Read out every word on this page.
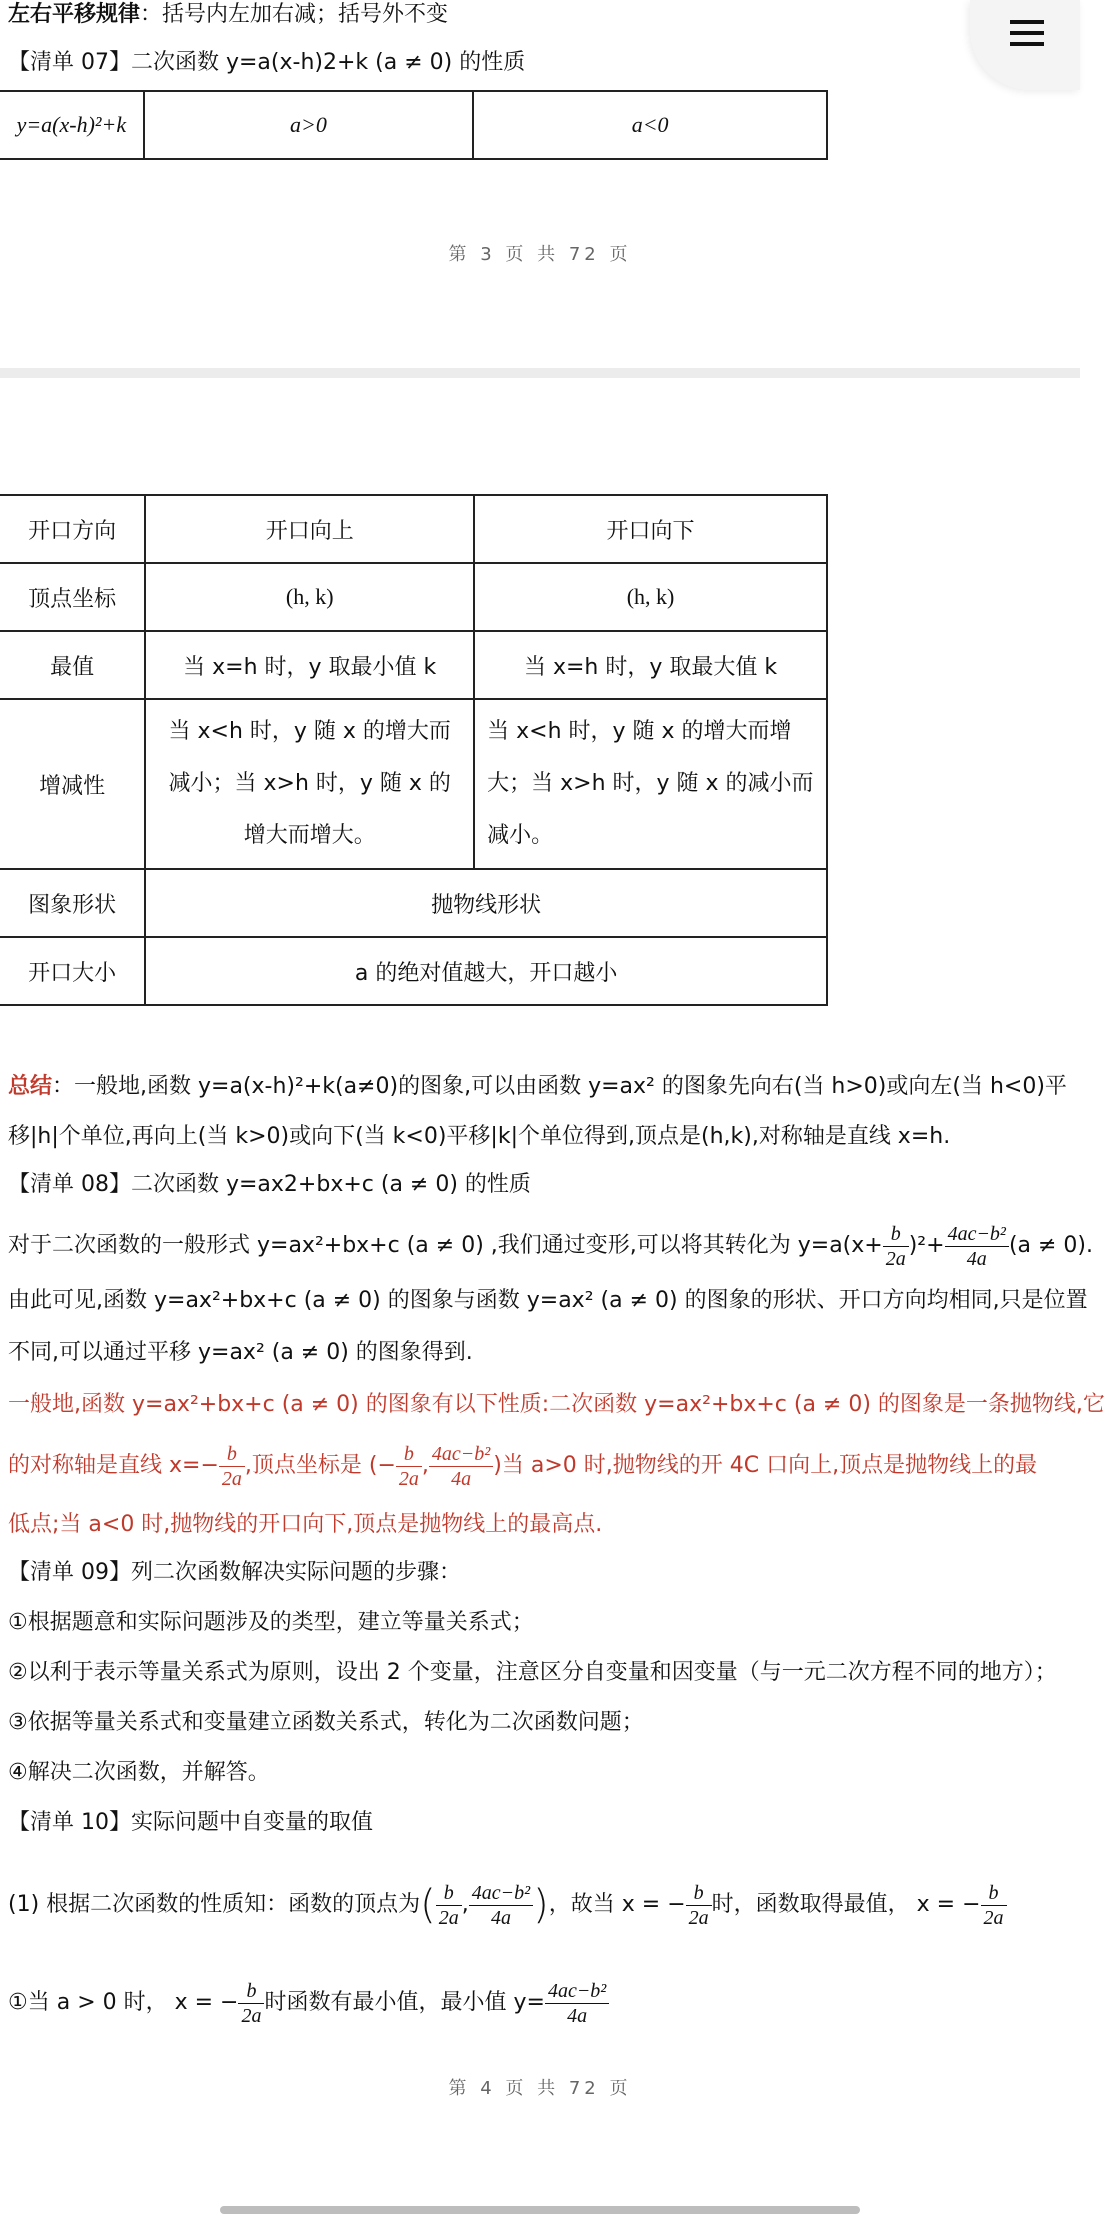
左右平移规律：括号内左加右减；括号外不变
【清单 07】二次函数 y=a(x-h)2+k (a ≠ 0) 的性质
y=a(x-h)²+k	a>0	a<0
第 3 页 共 72 页
开口方向	开口向上	开口向下
顶点坐标	(h, k)	(h, k)
最值	当 x=h 时，y 取最小值 k	当 x=h 时，y 取最大值 k
增减性	当 x<h 时，y 随 x 的增大而减小；当 x>h 时，y 随 x 的增大而增大。	当 x<h 时，y 随 x 的增大而增大；当 x>h 时，y 随 x 的减小而减小。
图象形状	抛物线形状	
开口大小	a 的绝对值越大，开口越小	
总结：一般地,函数 y=a(x-h)²+k(a≠0)的图象,可以由函数 y=ax² 的图象先向右(当 h>0)或向左(当 h<0)平移|h|个单位,再向上(当 k>0)或向下(当 k<0)平移|k|个单位得到,顶点是(h,k),对称轴是直线 x=h.
【清单 08】二次函数 y=ax2+bx+c (a ≠ 0) 的性质
对于二次函数的一般形式 y=ax²+bx+c (a ≠ 0) ,我们通过变形,可以将其转化为 $y=a(x+ \frac{b}{2a} )^2+ \frac{\text{4ac−b²}}{4a} (a \ne 0)$.
由此可见,函数 y=ax²+bx+c (a ≠ 0) 的图象与函数 y=ax² (a ≠ 0) 的图象的形状、开口方向均相同,只是位置
不同,可以通过平移 y=ax² (a ≠ 0) 的图象得到.
一般地,函数 y=ax²+bx+c (a ≠ 0) 的图象有以下性质:二次函数 y=ax²+bx+c (a ≠ 0) 的图象是一条抛物线,它
的对称轴是直线 $x=- \frac{b}{2a}$ ,顶点坐标是 (− $\frac{b}{2a}$ , $\frac{\text{4ac−b²}}{4a}$ )当 a>0 时,抛物线的开 4C 口向上,顶点是抛物线上的最
低点;当 a<0 时,抛物线的开口向下,顶点是抛物线上的最高点.
【清单 09】列二次函数解决实际问题的步骤：
①根据题意和实际问题涉及的类型，建立等量关系式；
②以利于表示等量关系式为原则，设出 2 个变量，注意区分自变量和因变量（与一元二次方程不同的地方）；
③依据等量关系式和变量建立函数关系式，转化为二次函数问题；
④解决二次函数，并解答。
【清单 10】实际问题中自变量的取值
(1) 根据二次函数的性质知：函数的顶点为( $\frac{b}{2a}$ , $\frac{\text{4ac−b²}}{4a}$ )，故当 x = − $\frac{b}{2a}$ 时，函数取得最值， x = − $\frac{b}{2a}$
①当 a > 0 时， x = − $\frac{b}{2a}$ 时函数有最小值，最小值 $y= \frac{\text{4ac−b²}}{4a}$
第 4 页 共 72 页
